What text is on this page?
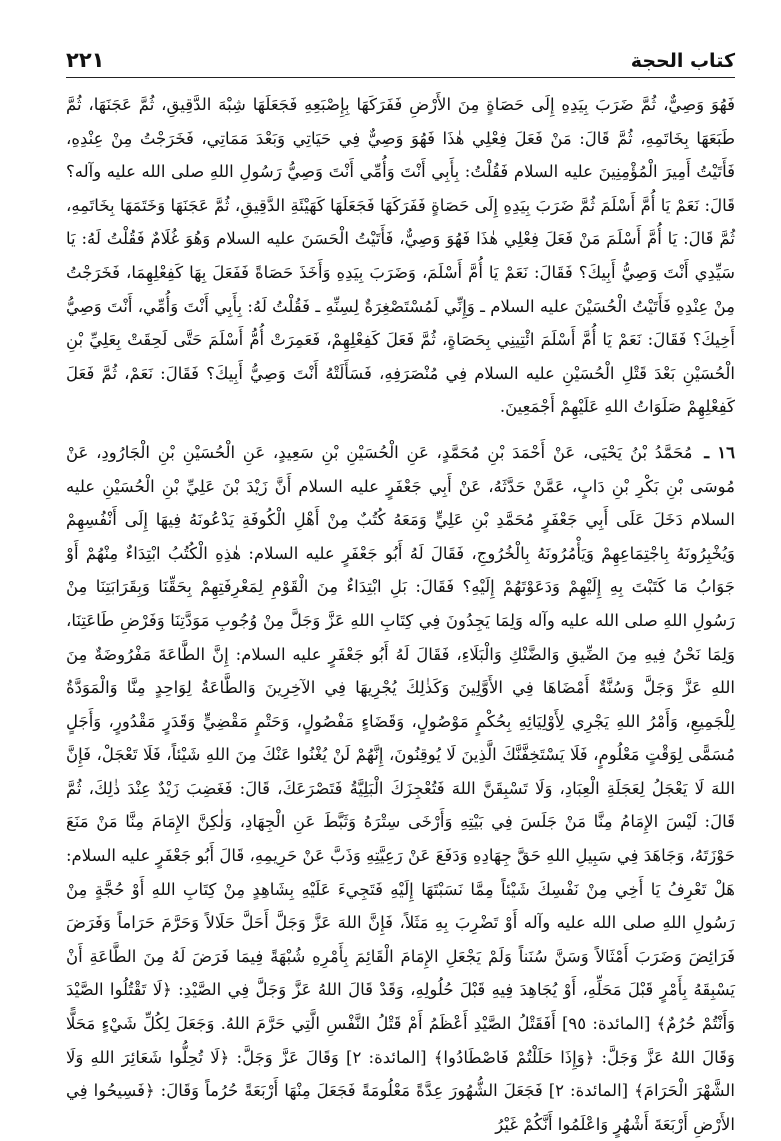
٢٢١	كتاب الحجة

فَهُوَ وَصِيٌّ، ثُمَّ ضَرَبَ بِيَدِهِ إِلَى حَصَاةٍ مِنَ الأَرْضِ فَفَرَكَهَا بِإِصْبَعِهِ فَجَعَلَهَا شِبْهَ الدَّقِيقِ، ثُمَّ عَجَنَهَا، ثُمَّ طَبَعَهَا بِخَاتَمِهِ، ثُمَّ قَالَ: مَنْ فَعَلَ فِعْلِي هٰذَا فَهُوَ وَصِيٌّ فِي حَيَاتِي وَبَعْدَ مَمَاتِي، فَخَرَجْتُ مِنْ عِنْدِهِ، فَأَتَيْتُ أَمِيرَ الْمُؤْمِنِينَ عليه السلام فَقُلْتُ: بِأَبِي أَنْتَ وَأُمِّي أَنْتَ وَصِيُّ رَسُولِ اللهِ صلى الله عليه وآله؟ قَالَ: نَعَمْ يَا أُمَّ أَسْلَمَ ثُمَّ ضَرَبَ بِيَدِهِ إِلَى حَصَاةٍ فَفَرَكَهَا فَجَعَلَهَا كَهَيْئَةِ الدَّقِيقِ، ثُمَّ عَجَنَهَا وَخَتَمَهَا بِخَاتَمِهِ، ثُمَّ قَالَ: يَا أُمَّ أَسْلَمَ مَنْ فَعَلَ فِعْلِي هٰذَا فَهُوَ وَصِيٌّ، فَأَتَيْتُ الْحَسَنَ عليه السلام وَهُوَ غُلَامٌ فَقُلْتُ لَهُ: يَا سَيِّدِي أَنْتَ وَصِيُّ أَبِيكَ؟ فَقَالَ: نَعَمْ يَا أُمَّ أَسْلَمَ، وَضَرَبَ بِيَدِهِ وَأَخَذَ حَصَاةً فَفَعَلَ بِهَا كَفِعْلِهِمَا، فَخَرَجْتُ مِنْ عِنْدِهِ فَأَتَيْتُ الْحُسَيْنَ عليه السلام ـ وَإِنِّي لَمُسْتَصْغِرَةٌ لِسِنِّهِ ـ فَقُلْتُ لَهُ: بِأَبِي أَنْتَ وَأُمِّي، أَنْتَ وَصِيُّ أَخِيكَ؟ فَقَالَ: نَعَمْ يَا أُمَّ أَسْلَمَ ائْتِينِي بِحَصَاةٍ، ثُمَّ فَعَلَ كَفِعْلِهِمْ، فَعَمِرَتْ أُمُّ أَسْلَمَ حَتَّى لَحِقَتْ بِعَلِيِّ بْنِ الْحُسَيْنِ بَعْدَ قَتْلِ الْحُسَيْنِ عليه السلام فِي مُنْصَرَفِهِ، فَسَأَلَتْهُ أَنْتَ وَصِيُّ أَبِيكَ؟ فَقَالَ: نَعَمْ، ثُمَّ فَعَلَ كَفِعْلِهِمْ صَلَوَاتُ اللهِ عَلَيْهِمْ أَجْمَعِينَ.

١٦ ـ مُحَمَّدُ بْنُ يَحْيَى، عَنْ أَحْمَدَ بْنِ مُحَمَّدٍ، عَنِ الْحُسَيْنِ بْنِ سَعِيدٍ، عَنِ الْحُسَيْنِ بْنِ الْجَارُودِ، عَنْ مُوسَى بْنِ بَكْرِ بْنِ دَابٍ، عَمَّنْ حَدَّثَهُ، عَنْ أَبِي جَعْفَرٍ عليه السلام أَنَّ زَيْدَ بْنَ عَلِيِّ بْنِ الْحُسَيْنِ عليه السلام دَخَلَ عَلَى أَبِي جَعْفَرٍ مُحَمَّدِ بْنِ عَلِيٍّ وَمَعَهُ كُتُبٌ مِنْ أَهْلِ الْكُوفَةِ يَدْعُونَهُ فِيهَا إِلَى أَنْفُسِهِمْ وَيُخْبِرُونَهُ بِاجْتِمَاعِهِمْ وَيَأْمُرُونَهُ بِالْخُرُوجِ، فَقَالَ لَهُ أَبُو جَعْفَرٍ عليه السلام: هٰذِهِ الْكُتُبُ ابْتِدَاءٌ مِنْهُمْ أَوْ جَوَابُ مَا كَتَبْتَ بِهِ إِلَيْهِمْ وَدَعَوْتَهُمْ إِلَيْهِ؟ فَقَالَ: بَلِ ابْتِدَاءٌ مِنَ الْقَوْمِ لِمَعْرِفَتِهِمْ بِحَقِّنَا وَبِقَرَابَتِنَا مِنْ رَسُولِ اللهِ صلى الله عليه وآله وَلِمَا يَجِدُونَ فِي كِتَابِ اللهِ عَزَّ وَجَلَّ مِنْ وُجُوبِ مَوَدَّتِنَا وَفَرْضِ طَاعَتِنَا، وَلِمَا نَحْنُ فِيهِ مِنَ الضِّيقِ وَالضَّنْكِ وَالْبَلَاءِ، فَقَالَ لَهُ أَبُو جَعْفَرٍ عليه السلام: إِنَّ الطَّاعَةَ مَفْرُوضَةٌ مِنَ اللهِ عَزَّ وَجَلَّ وَسُنَّةٌ أَمْضَاهَا فِي الأَوَّلِينَ وَكَذٰلِكَ يُجْرِيهَا فِي الآخِرِينَ وَالطَّاعَةُ لِوَاحِدٍ مِنَّا وَالْمَوَدَّةُ لِلْجَمِيعِ، وَأَمْرُ اللهِ يَجْرِي لِأَوْلِيَائِهِ بِحُكْمٍ مَوْصُولٍ، وَقَضَاءٍ مَفْصُولٍ، وَحَتْمٍ مَقْضِيٍّ وَقَدَرٍ مَقْدُورٍ، وَأَجَلٍ مُسَمًّى لِوَقْتٍ مَعْلُومٍ، فَلَا يَسْتَخِفَّنَّكَ الَّذِينَ لَا يُوقِنُونَ، إِنَّهُمْ لَنْ يُغْنُوا عَنْكَ مِنَ اللهِ شَيْئاً، فَلَا تَعْجَلْ، فَإِنَّ اللهَ لَا يَعْجَلُ لِعَجَلَةِ الْعِبَادِ، وَلَا تَسْبِقَنَّ اللهَ فَتُعْجِزَكَ الْبَلِيَّةُ فَتَصْرَعَكَ، قَالَ: فَغَضِبَ زَيْدٌ عِنْدَ ذٰلِكَ، ثُمَّ قَالَ: لَيْسَ الإِمَامُ مِنَّا مَنْ جَلَسَ فِي بَيْتِهِ وَأَرْخَى سِتْرَهُ وَثَبَّطَ عَنِ الْجِهَادِ، وَلٰكِنَّ الإِمَامَ مِنَّا مَنْ مَنَعَ حَوْزَتَهُ، وَجَاهَدَ فِي سَبِيلِ اللهِ حَقَّ جِهَادِهِ وَدَفَعَ عَنْ رَعِيَّتِهِ وَذَبَّ عَنْ حَرِيمِهِ، قَالَ أَبُو جَعْفَرٍ عليه السلام: هَلْ تَعْرِفُ يَا أَخِي مِنْ نَفْسِكَ شَيْئاً مِمَّا نَسَبْتَهَا إِلَيْهِ فَتَجِيءَ عَلَيْهِ بِشَاهِدٍ مِنْ كِتَابِ اللهِ أَوْ حُجَّةٍ مِنْ رَسُولِ اللهِ صلى الله عليه وآله أَوْ تَضْرِبَ بِهِ مَثَلاً، فَإِنَّ اللهَ عَزَّ وَجَلَّ أَحَلَّ حَلَالاً وَحَرَّمَ حَرَاماً وَفَرَضَ فَرَائِضَ وَضَرَبَ أَمْثَالاً وَسَنَّ سُنَناً وَلَمْ يَجْعَلِ الإِمَامَ الْقَائِمَ بِأَمْرِهِ شُبْهَةً فِيمَا فَرَضَ لَهُ مِنَ الطَّاعَةِ أَنْ يَسْبِقَهُ بِأَمْرٍ قَبْلَ مَحَلِّهِ، أَوْ يُجَاهِدَ فِيهِ قَبْلَ حُلُولِهِ، وَقَدْ قَالَ اللهُ عَزَّ وَجَلَّ فِي الصَّيْدِ: ﴿لَا تَقْتُلُوا الصَّيْدَ وَأَنْتُمْ حُرُمٌ﴾ [المائدة: ٩٥] أَفَقَتْلُ الصَّيْدِ أَعْظَمُ أَمْ قَتْلُ النَّفْسِ الَّتِي حَرَّمَ اللهُ. وَجَعَلَ لِكُلِّ شَيْءٍ مَحَلًّا وَقَالَ اللهُ عَزَّ وَجَلَّ: ﴿وَإِذَا حَلَلْتُمْ فَاصْطَادُوا﴾ [المائدة: ٢] وَقَالَ عَزَّ وَجَلَّ: ﴿لَا تُحِلُّوا شَعَائِرَ اللهِ وَلَا الشَّهْرَ الْحَرَامَ﴾ [المائدة: ٢] فَجَعَلَ الشُّهُورَ عِدَّةً مَعْلُومَةً فَجَعَلَ مِنْهَا أَرْبَعَةً حُرُماً وَقَالَ: ﴿فَسِيحُوا فِي الأَرْضِ أَرْبَعَةَ أَشْهُرٍ وَاعْلَمُوا أَنَّكُمْ غَيْرُ
